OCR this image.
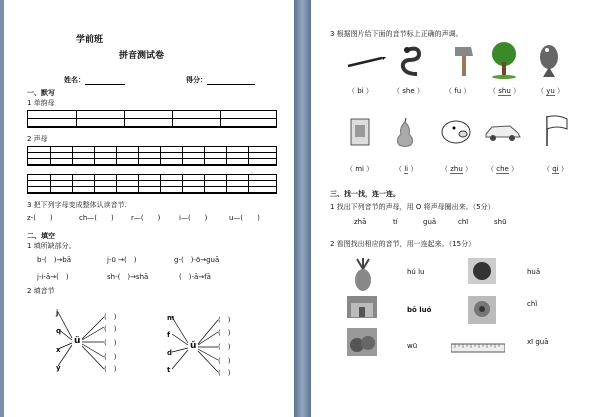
学前班
拼音测试卷
姓名：	得分：
一、默写
1 单韵母
2 声母
3 把下列字母变成整体认读音节.
z-(　　)	ch—(　　) r—(　　)	i—(　　)	u—(　　)
二、填空
1 填所缺部分。
b-(　)→bā	j-ū →(　)	g-(　)-ō→guā
j-i-ā→(　)	sh-(　)→shā	(　)-ā→fā
2 填音节
j
q
x
y
ü
(　)
(　)
(　)
(　)
(　)
m
f
d
t
ǔ
(　)
(　)
(　)
(　)
(　)
3 根据图片给下面的音节标上正确的声调。
（ bi ）	（ she ）	（ fu ）	（ shu ） （ yu ）
（ mi ）	（ li ）	（ zhu ） （ che ）	（ qi ）
三、找一找，连一连。
1 找出下列音节的声母，用 O 将声母圈出来。（5分）
zhā	tí	guā	chī	shū
2 看图找出相应的音节，用一连起来。（15分）
hú lu	huǎ
bō luó
chǐ
wū	xī guā
